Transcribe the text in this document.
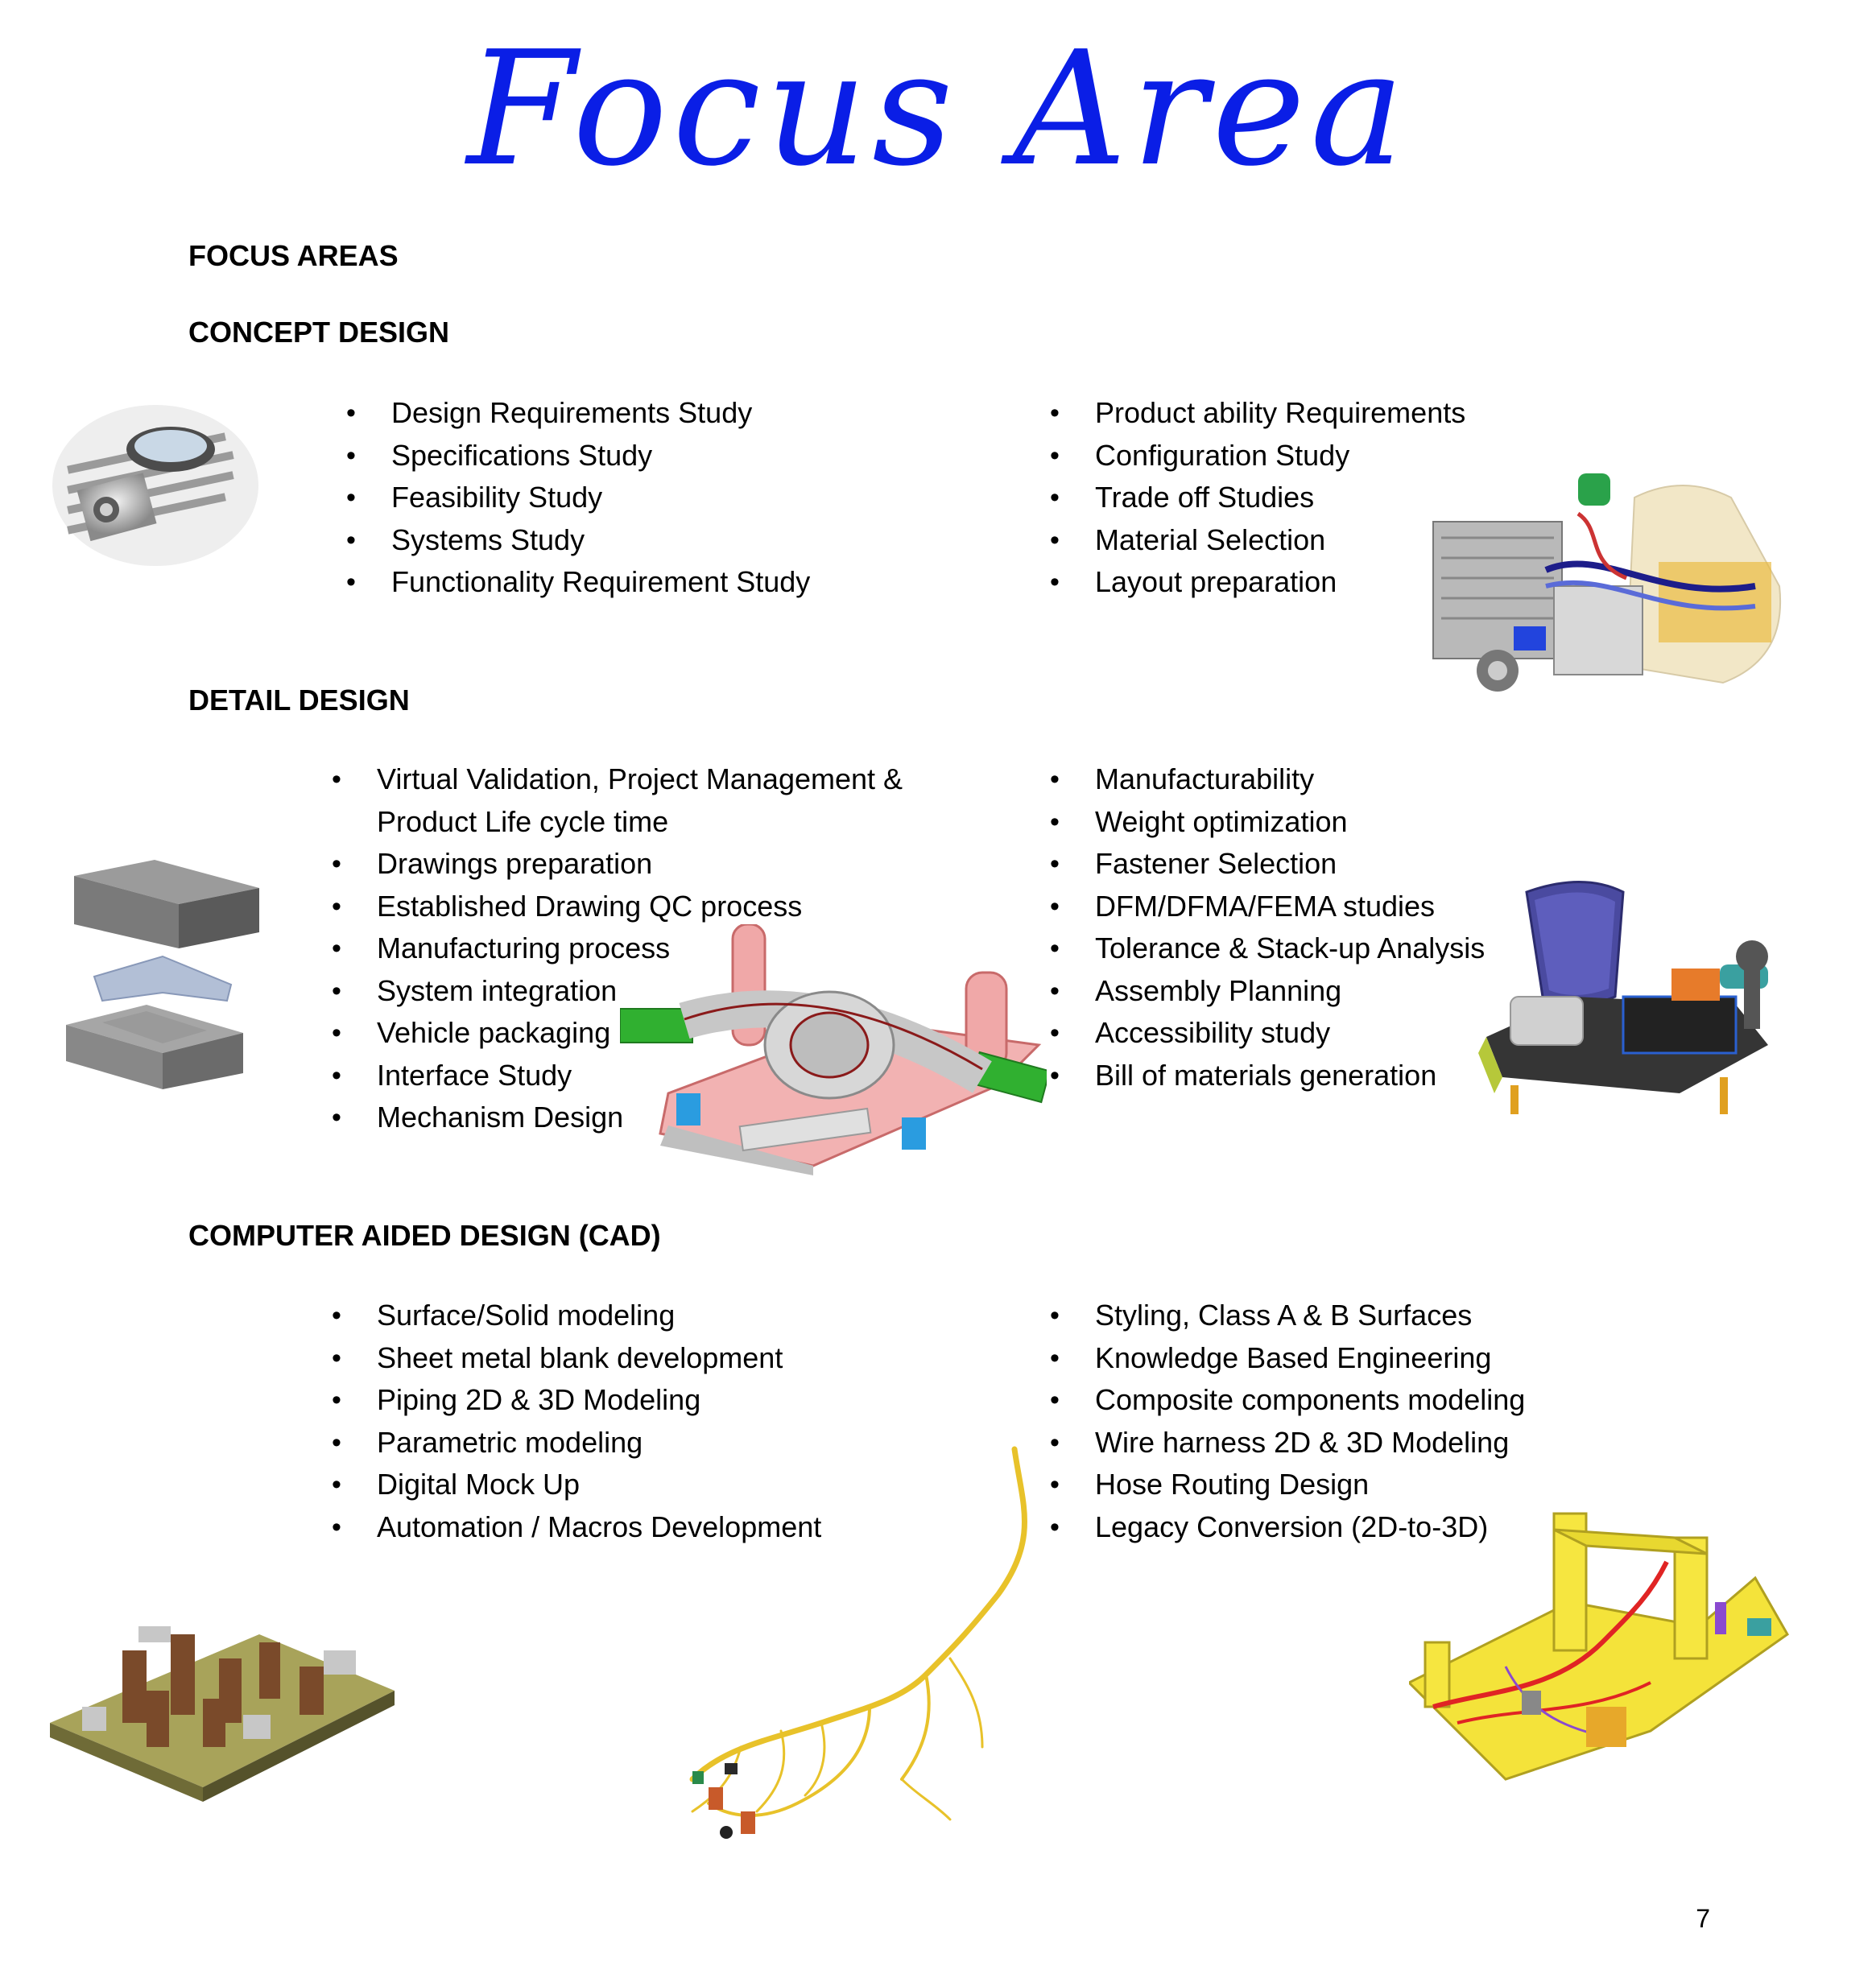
Focus Area
FOCUS AREAS
CONCEPT DESIGN
• Design Requirements Study
• Specifications Study
• Feasibility Study
• Systems Study
• Functionality Requirement Study
• Product ability Requirements
• Configuration Study
• Trade off Studies
• Material Selection
• Layout preparation
DETAIL DESIGN
• Virtual Validation, Project Management & Product Life cycle time
• Drawings preparation
• Established Drawing QC process
• Manufacturing process
• System integration
• Vehicle packaging
• Interface Study
• Mechanism Design
• Manufacturability
• Weight optimization
• Fastener Selection
• DFM/DFMA/FEMA studies
• Tolerance & Stack-up Analysis
• Assembly Planning
• Accessibility study
• Bill of materials generation
COMPUTER AIDED DESIGN (CAD)
• Surface/Solid modeling
• Sheet metal blank development
• Piping 2D & 3D Modeling
• Parametric modeling
• Digital Mock Up
• Automation / Macros Development
• Styling, Class A & B Surfaces
• Knowledge Based Engineering
• Composite components modeling
• Wire harness 2D & 3D Modeling
• Hose Routing Design
• Legacy Conversion (2D-to-3D)
7
